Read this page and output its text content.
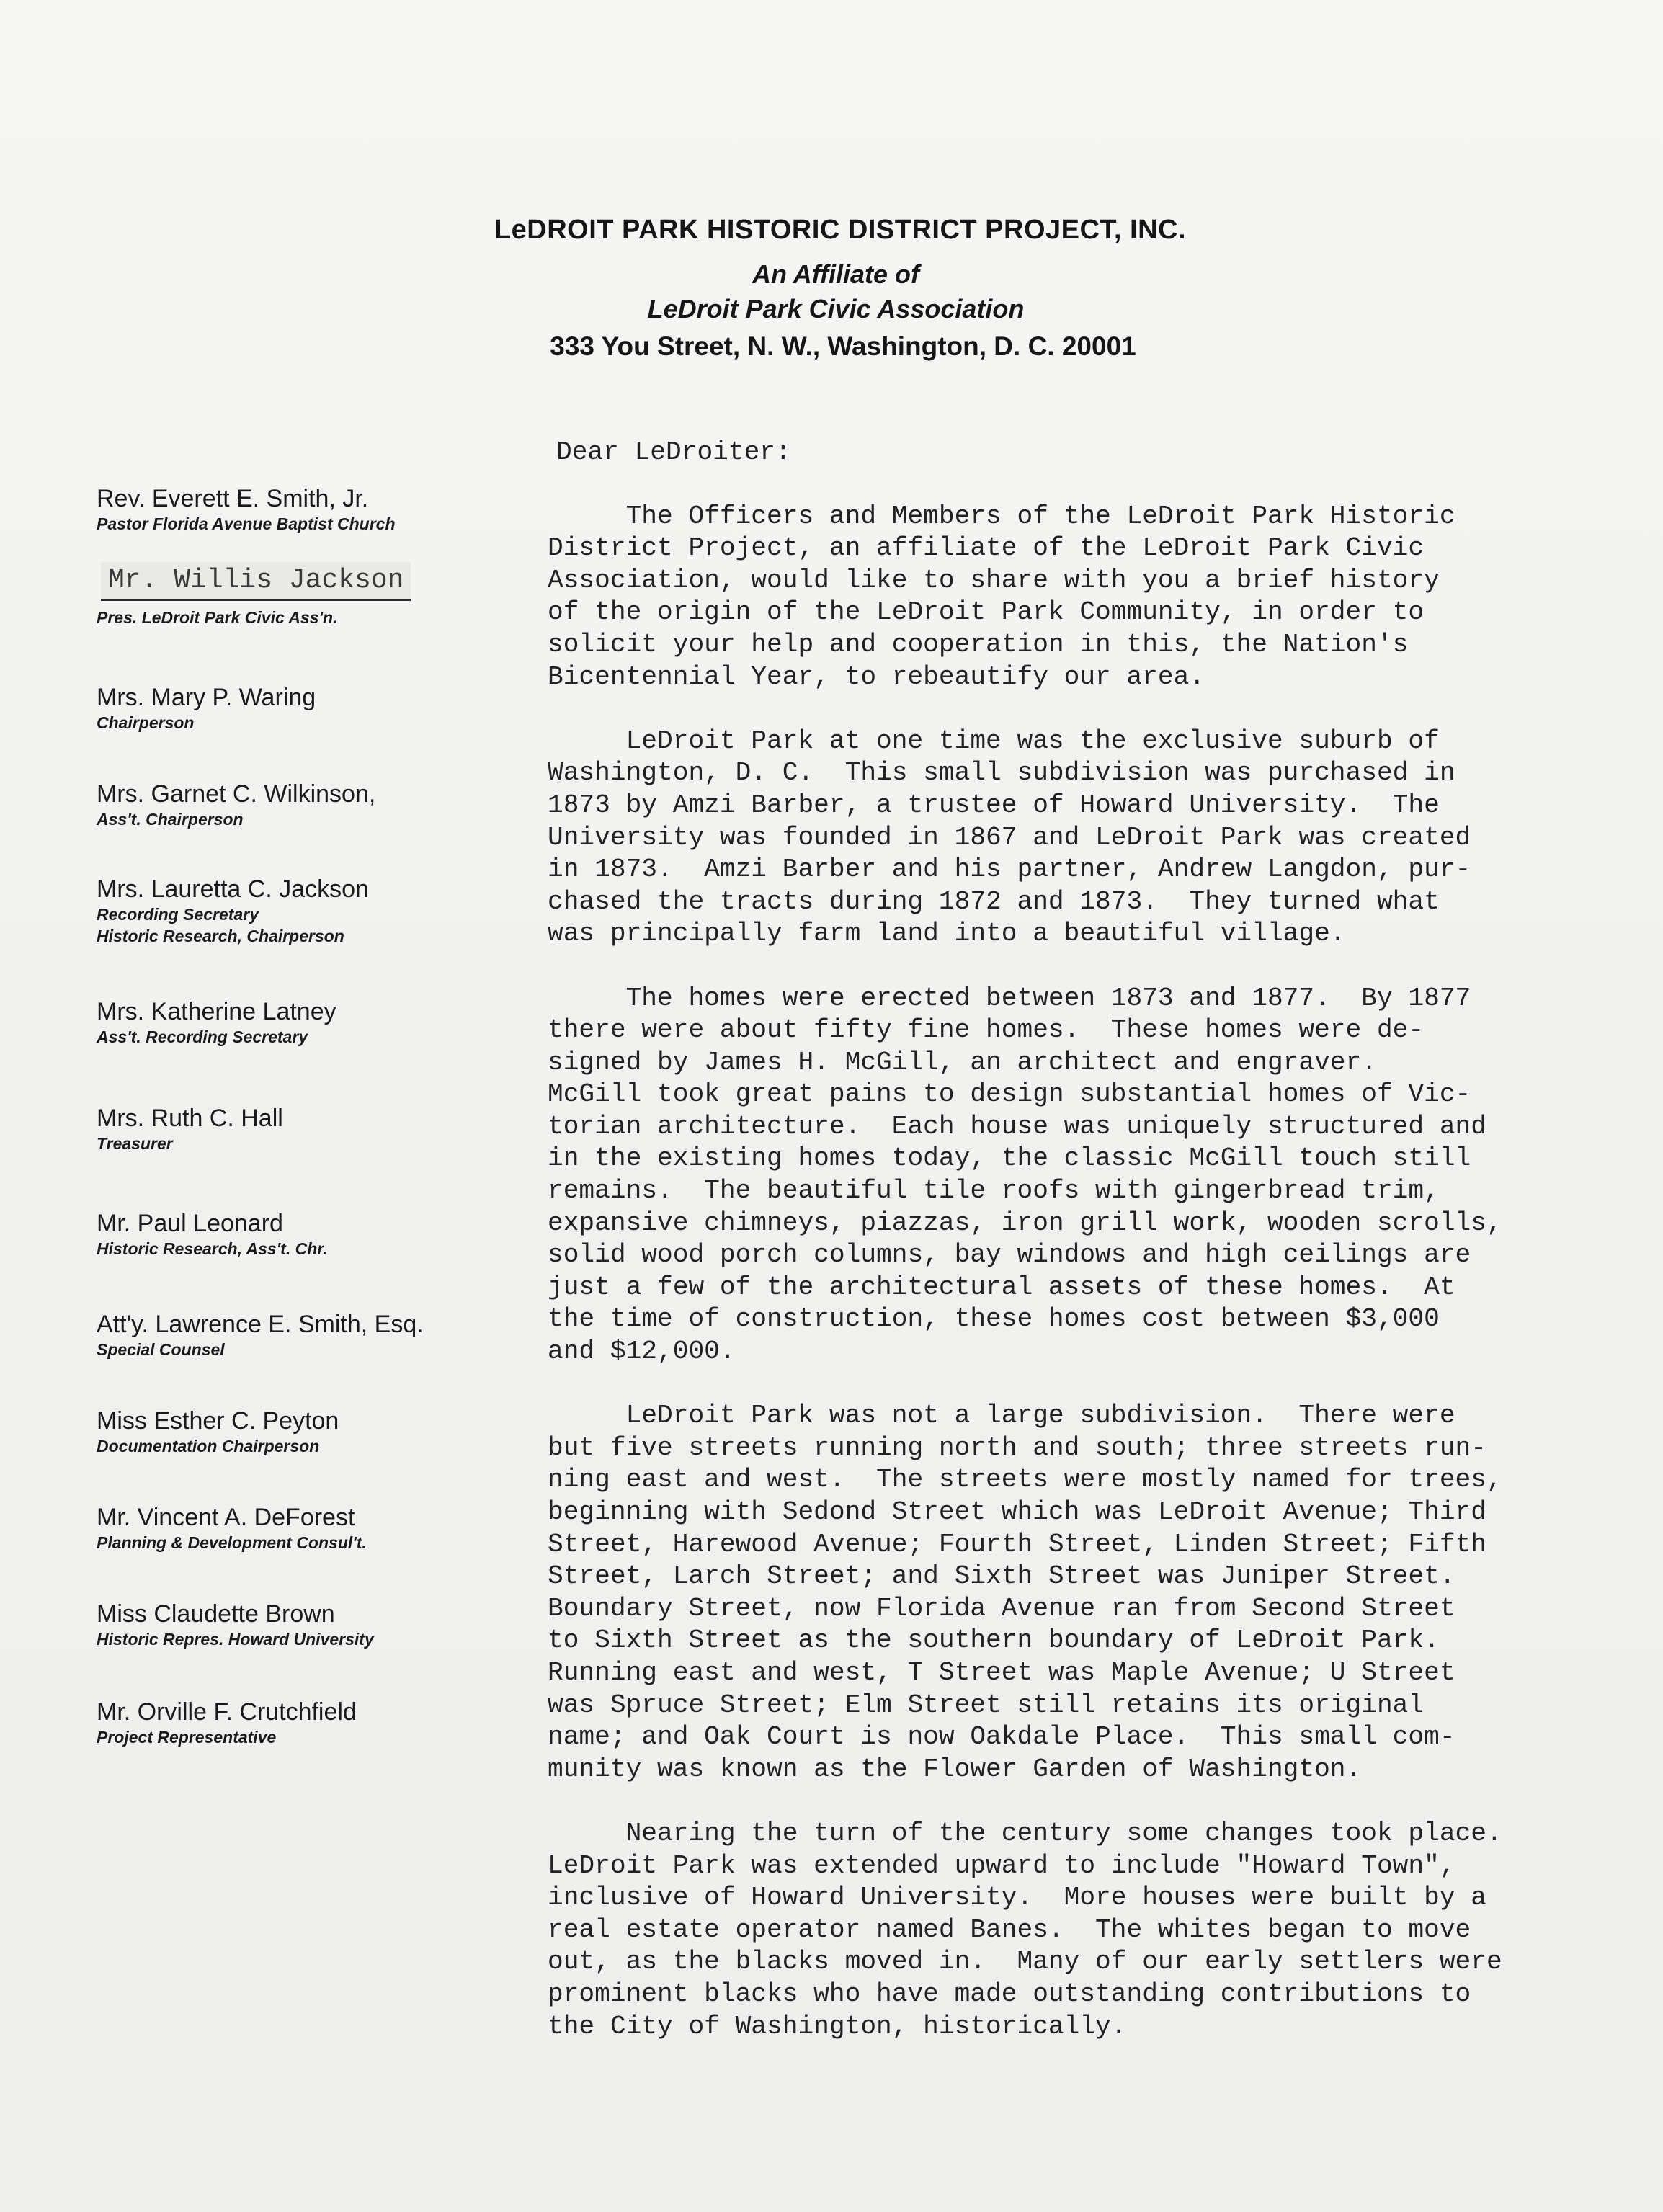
LeDROIT PARK HISTORIC DISTRICT PROJECT, INC.
An Affiliate of
LeDroit Park Civic Association
333 You Street, N. W., Washington, D. C. 20001
Rev. Everett E. Smith, Jr.
Pastor Florida Avenue Baptist Church
Mr. Willis Jackson
Pres. LeDroit Park Civic Ass'n.
Mrs. Mary P. Waring
Chairperson
Mrs. Garnet C. Wilkinson,
Ass't. Chairperson
Mrs. Lauretta C. Jackson
Recording Secretary
Historic Research, Chairperson
Mrs. Katherine Latney
Ass't. Recording Secretary
Mrs. Ruth C. Hall
Treasurer
Mr. Paul Leonard
Historic Research, Ass't. Chr.
Att'y. Lawrence E. Smith, Esq.
Special Counsel
Miss Esther C. Peyton
Documentation Chairperson
Mr. Vincent A. DeForest
Planning & Development Consul't.
Miss Claudette Brown
Historic Repres. Howard University
Mr. Orville F. Crutchfield
Project Representative
Dear LeDroiter:
The Officers and Members of the LeDroit Park Historic
District Project, an affiliate of the LeDroit Park Civic
Association, would like to share with you a brief history
of the origin of the LeDroit Park Community, in order to
solicit your help and cooperation in this, the Nation's
Bicentennial Year, to rebeautify our area.
LeDroit Park at one time was the exclusive suburb of
Washington, D. C.  This small subdivision was purchased in
1873 by Amzi Barber, a trustee of Howard University.  The
University was founded in 1867 and LeDroit Park was created
in 1873.  Amzi Barber and his partner, Andrew Langdon, pur-
chased the tracts during 1872 and 1873.  They turned what
was principally farm land into a beautiful village.
The homes were erected between 1873 and 1877.  By 1877
there were about fifty fine homes.  These homes were de-
signed by James H. McGill, an architect and engraver.
McGill took great pains to design substantial homes of Vic-
torian architecture.  Each house was uniquely structured and
in the existing homes today, the classic McGill touch still
remains.  The beautiful tile roofs with gingerbread trim,
expansive chimneys, piazzas, iron grill work, wooden scrolls,
solid wood porch columns, bay windows and high ceilings are
just a few of the architectural assets of these homes.  At
the time of construction, these homes cost between $3,000
and $12,000.
LeDroit Park was not a large subdivision.  There were
but five streets running north and south; three streets run-
ning east and west.  The streets were mostly named for trees,
beginning with Sedond Street which was LeDroit Avenue; Third
Street, Harewood Avenue; Fourth Street, Linden Street; Fifth
Street, Larch Street; and Sixth Street was Juniper Street.
Boundary Street, now Florida Avenue ran from Second Street
to Sixth Street as the southern boundary of LeDroit Park.
Running east and west, T Street was Maple Avenue; U Street
was Spruce Street; Elm Street still retains its original
name; and Oak Court is now Oakdale Place.  This small com-
munity was known as the Flower Garden of Washington.
Nearing the turn of the century some changes took place.
LeDroit Park was extended upward to include "Howard Town",
inclusive of Howard University.  More houses were built by a
real estate operator named Banes.  The whites began to move
out, as the blacks moved in.  Many of our early settlers were
prominent blacks who have made outstanding contributions to
the City of Washington, historically.
